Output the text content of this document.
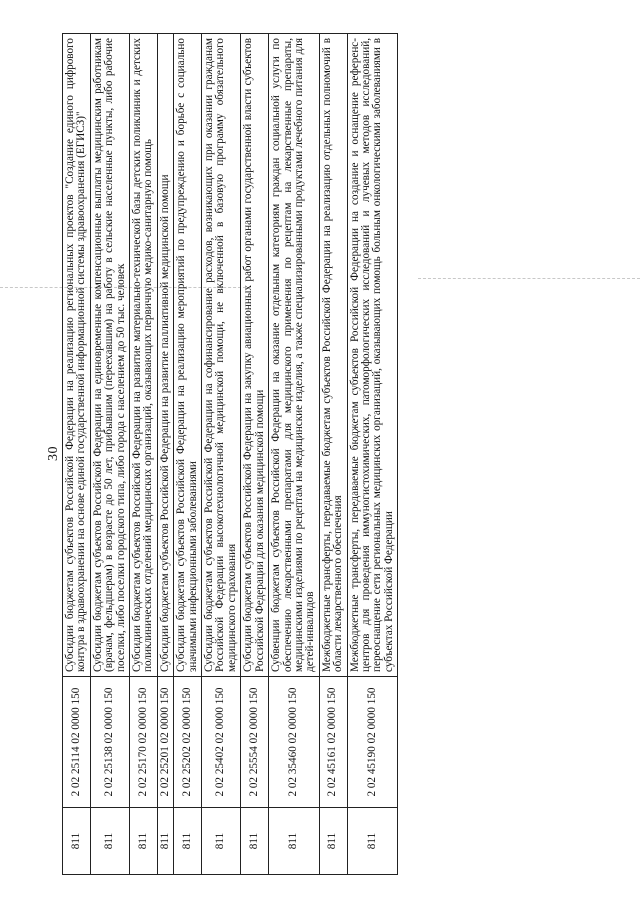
30
811	2 02 25114 02 0000 150	Субсидии бюджетам субъектов Российской Федерации на реализацию региональных проектов "Создание единого цифрового контура в здравоохранении на основе единой государственной информационной системы здравоохранения (ЕГИСЗ)"
811	2 02 25138 02 0000 150	Субсидии бюджетам субъектов Российской Федерации на единовременные компенсационные выплаты медицинским работникам (врачам, фельдшерам) в возрасте до 50 лет, прибывшим (переехавшим) на работу в сельские населенные пункты, либо рабочие поселки, либо поселки городского типа, либо города с населением до 50 тыс. человек
811	2 02 25170 02 0000 150	Субсидии бюджетам субъектов Российской Федерации на развитие материально-технической базы детских поликлиник и детских поликлинических отделений медицинских организаций, оказывающих первичную медико-санитарную помощь
811	2 02 25201 02 0000 150	Субсидии бюджетам субъектов Российской Федерации на развитие паллиативной медицинской помощи
811	2 02 25202 02 0000 150	Субсидии бюджетам субъектов Российской Федерации на реализацию мероприятий по предупреждению и борьбе с социально значимыми инфекционными заболеваниями
811	2 02 25402 02 0000 150	Субсидии бюджетам субъектов Российской Федерации на софинансирование расходов, возникающих при оказании гражданам Российской Федерации высокотехнологичной медицинской помощи, не включенной в базовую программу обязательного медицинского страхования
811	2 02 25554 02 0000 150	Субсидии бюджетам субъектов Российской Федерации на закупку авиационных работ органами государственной власти субъектов Российской Федерации для оказания медицинской помощи
811	2 02 35460 02 0000 150	Субвенции бюджетам субъектов Российской Федерации на оказание отдельным категориям граждан социальной услуги по обеспечению лекарственными препаратами для медицинского применения по рецептам на лекарственные препараты, медицинскими изделиями по рецептам на медицинские изделия, а также специализированными продуктами лечебного питания для детей-инвалидов
811	2 02 45161 02 0000 150	Межбюджетные трансферты, передаваемые бюджетам субъектов Российской Федерации на реализацию отдельных полномочий в области лекарственного обеспечения
811	2 02 45190 02 0000 150	Межбюджетные трансферты, передаваемые бюджетам субъектов Российской Федерации на создание и оснащение референс-центров для проведения иммуногистохимических, патоморфологических исследований и лучевых методов исследований, переоснащение сети региональных медицинских организаций, оказывающих помощь больным онкологическими заболеваниями в субъектах Российской Федерации
